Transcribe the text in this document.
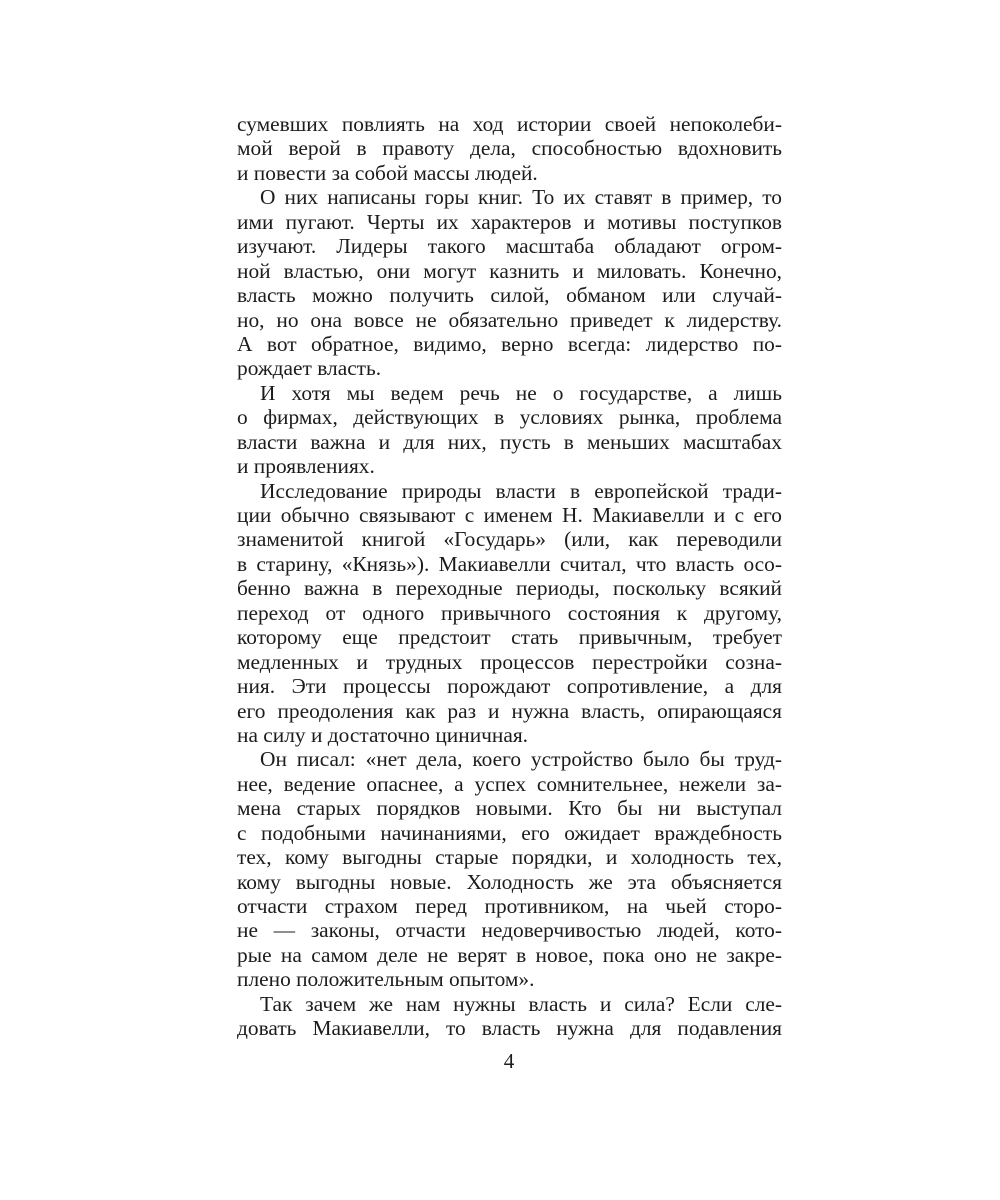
сумевших повлиять на ход истории своей непоколеби-
мой верой в правоту дела, способностью вдохновить
и повести за собой массы людей.
О них написаны горы книг. То их ставят в пример, то
ими пугают. Черты их характеров и мотивы поступков
изучают. Лидеры такого масштаба обладают огром-
ной властью, они могут казнить и миловать. Конечно,
власть можно получить силой, обманом или случай-
но, но она вовсе не обязательно приведет к лидерству.
А вот обратное, видимо, верно всегда: лидерство по-
рождает власть.
И хотя мы ведем речь не о государстве, а лишь
о фирмах, действующих в условиях рынка, проблема
власти важна и для них, пусть в меньших масштабах
и проявлениях.
Исследование природы власти в европейской тради-
ции обычно связывают с именем Н. Макиавелли и с его
знаменитой книгой «Государь» (или, как переводили
в старину, «Князь»). Макиавелли считал, что власть осо-
бенно важна в переходные периоды, поскольку всякий
переход от одного привычного состояния к другому,
которому еще предстоит стать привычным, требует
медленных и трудных процессов перестройки созна-
ния. Эти процессы порождают сопротивление, а для
его преодоления как раз и нужна власть, опирающаяся
на силу и достаточно циничная.
Он писал: «нет дела, коего устройство было бы труд-
нее, ведение опаснее, а успех сомнительнее, нежели за-
мена старых порядков новыми. Кто бы ни выступал
с подобными начинаниями, его ожидает враждебность
тех, кому выгодны старые порядки, и холодность тех,
кому выгодны новые. Холодность же эта объясняется
отчасти страхом перед противником, на чьей сторо-
не — законы, отчасти недоверчивостью людей, кото-
рые на самом деле не верят в новое, пока оно не закре-
плено положительным опытом».
Так зачем же нам нужны власть и сила? Если сле-
довать Макиавелли, то власть нужна для подавления
4
